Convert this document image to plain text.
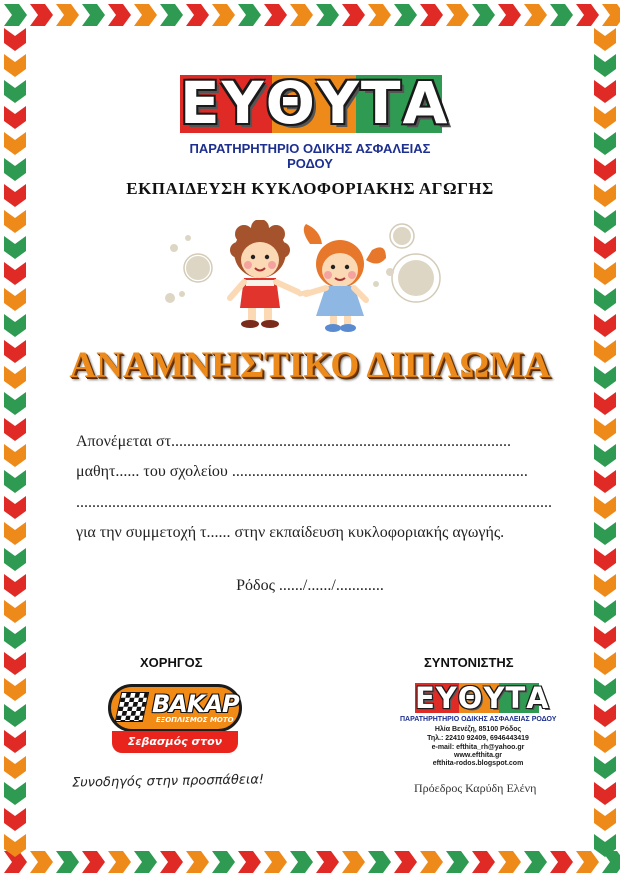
ΕΥΘΥΤΑ
ΠΑΡΑΤΗΡΗΤΗΡΙΟ ΟΔΙΚΗΣ ΑΣΦΑΛΕΙΑΣ ΡΟΔΟΥ
ΕΚΠΑΙΔΕΥΣΗ ΚΥΚΛΟΦΟΡΙΑΚΗΣ ΑΓΩΓΗΣ
ΑΝΑΜΝΗΣΤΙΚΟ ΔΙΠΛΩΜΑ
Απονέμεται στ.....................................................................................
μαθητ...... του σχολείου ..........................................................................
.......................................................................................................................
για την συμμετοχή τ...... στην εκπαίδευση κυκλοφοριακής αγωγής.
Ρόδος ....../....../............
ΧΟΡΗΓΟΣ	ΣΥΝΤΟΝΙΣΤΗΣ
ΒΑΚΑΡ
ΕΞΟΠΛΙΣΜΟΣ ΜΟΤΟ
Σεβασμός στον Αναβάτη!
Συνοδηγός στην προσπάθεια!
ΕΥΘΥΤΑ
ΠΑΡΑΤΗΡΗΤΗΡΙΟ ΟΔΙΚΗΣ ΑΣΦΑΛΕΙΑΣ ΡΟΔΟΥ
Ηλία Βενέζη, 85100 Ρόδος
Τηλ.: 22410 92409, 6946443419
e-mail: efthita_rh@yahoo.gr
www.efthita.gr
efthita-rodos.blogspot.com
Πρόεδρος Καρύδη Ελένη
